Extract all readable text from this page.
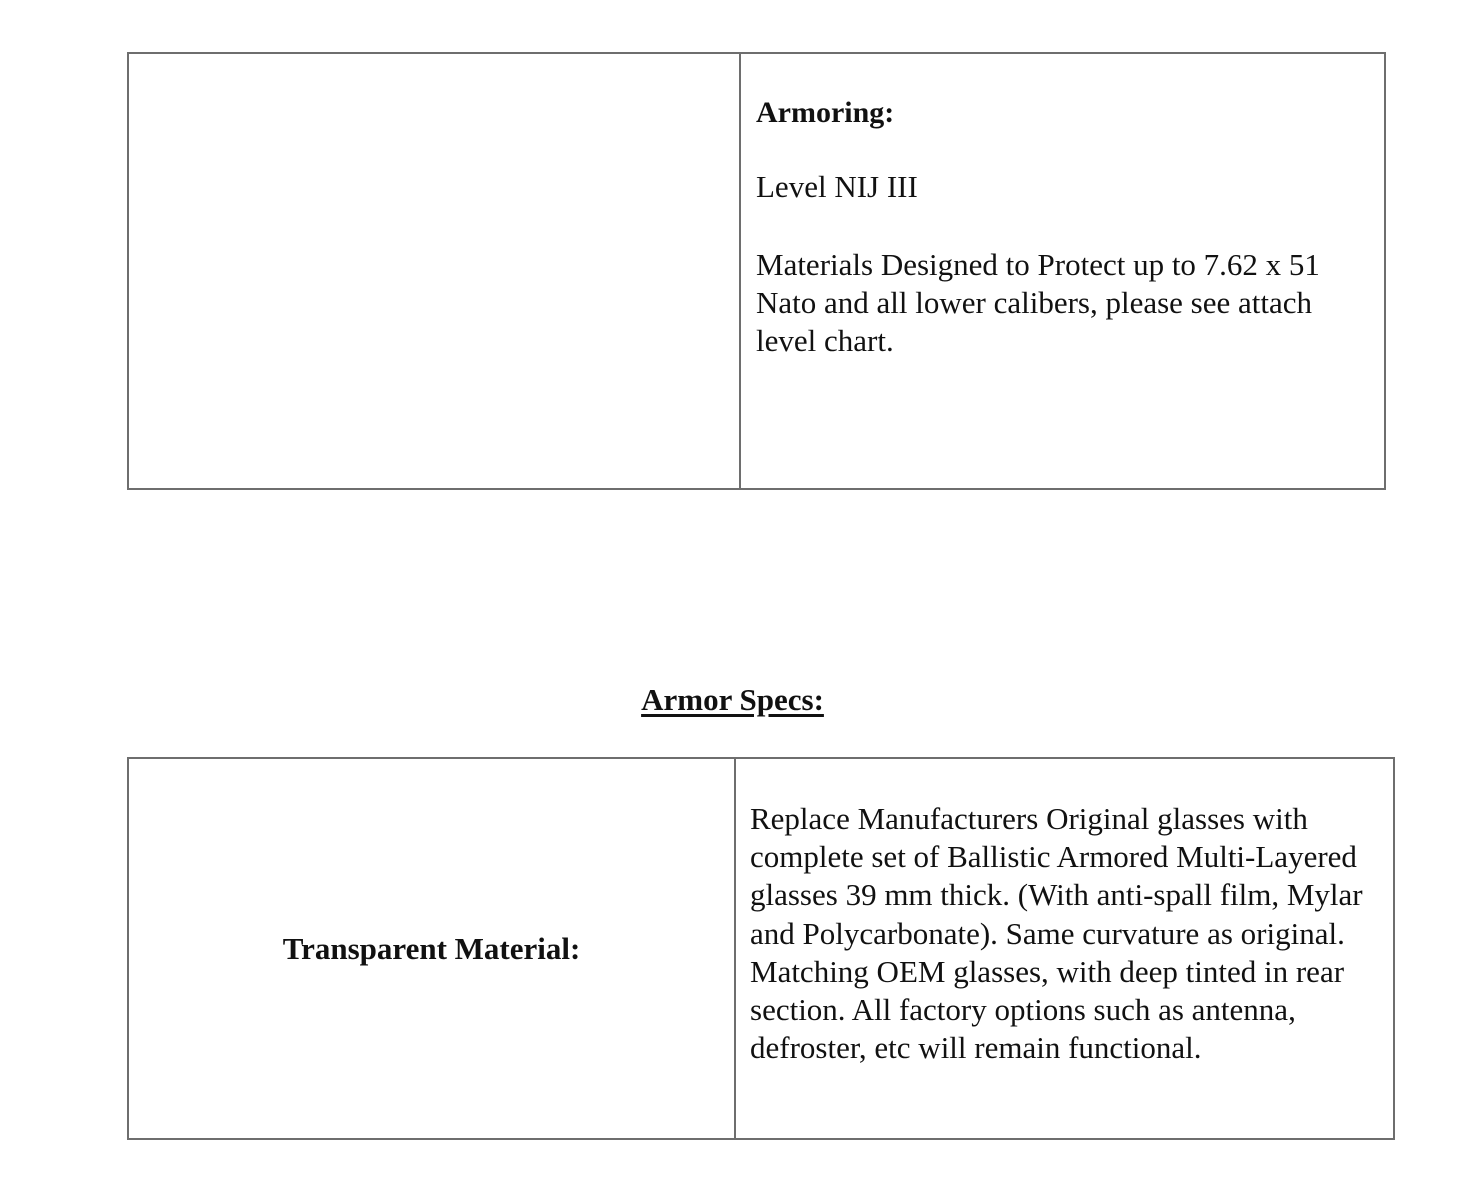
Armoring:

Level NIJ III

Materials Designed to Protect up to 7.62 x 51 Nato and all lower calibers, please see attach level chart.

Armor Specs:
Transparent Material:

Replace Manufacturers Original glasses with complete set of Ballistic Armored Multi-Layered glasses 39 mm thick. (With anti-spall film, Mylar and Polycarbonate). Same curvature as original. Matching OEM glasses, with deep tinted in rear section. All factory options such as antenna, defroster, etc will remain functional.
